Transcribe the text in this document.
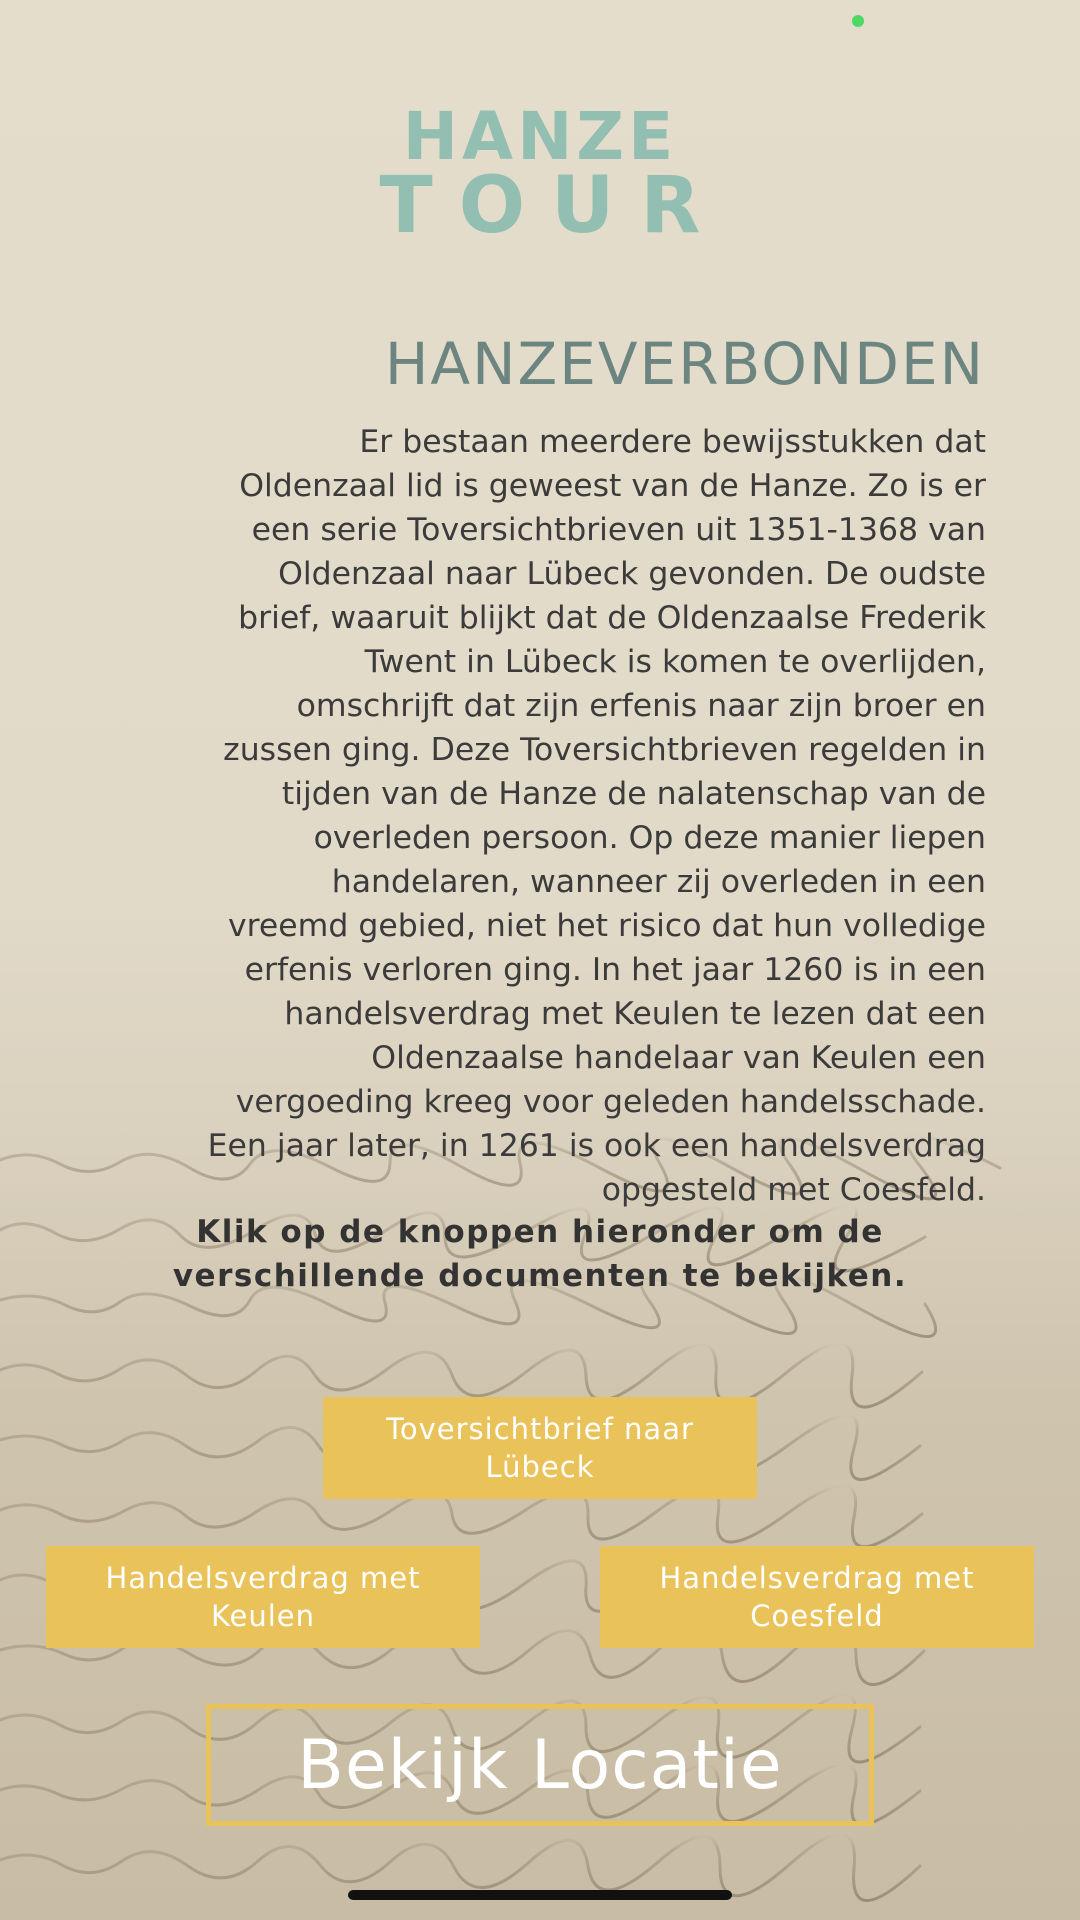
HANZE
TOUR
HANZEVERBONDEN
Er bestaan meerdere bewijsstukken dat
Oldenzaal lid is geweest van de Hanze. Zo is er
een serie Toversichtbrieven uit 1351-1368 van
Oldenzaal naar Lübeck gevonden. De oudste
brief, waaruit blijkt dat de Oldenzaalse Frederik
Twent in Lübeck is komen te overlijden,
omschrijft dat zijn erfenis naar zijn broer en
zussen ging. Deze Toversichtbrieven regelden in
tijden van de Hanze de nalatenschap van de
overleden persoon. Op deze manier liepen
handelaren, wanneer zij overleden in een
vreemd gebied, niet het risico dat hun volledige
erfenis verloren ging. In het jaar 1260 is in een
handelsverdrag met Keulen te lezen dat een
Oldenzaalse handelaar van Keulen een
vergoeding kreeg voor geleden handelsschade.
Een jaar later, in 1261 is ook een handelsverdrag
opgesteld met Coesfeld.
Klik op de knoppen hieronder om de
verschillende documenten te bekijken.
Toversichtbrief naar
Lübeck
Handelsverdrag met
Keulen
Handelsverdrag met
Coesfeld
Bekijk Locatie
